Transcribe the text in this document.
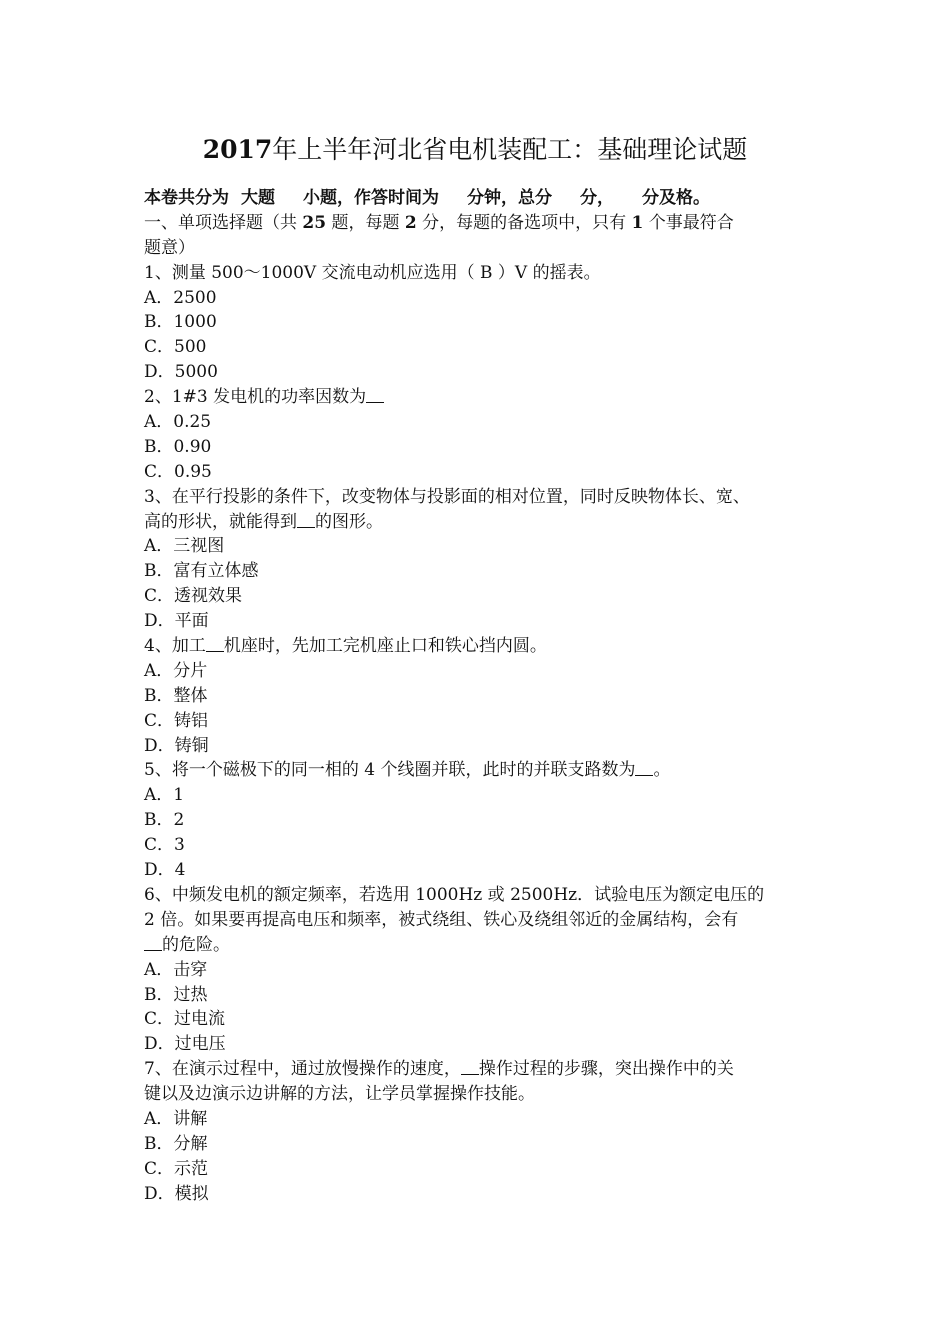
2017年上半年河北省电机装配工：基础理论试题

本卷共分为 大题 小题，作答时间为 分钟，总分 分， 分及格。

一、单项选择题（共 25 题，每题 2 分，每题的备选项中，只有 1 个事最符合

题意）

1、测量 500～1000V 交流电动机应选用（ B ）V 的摇表。

A．2500

B．1000

C．500

D．5000

2、1#3 发电机的功率因数为

A．0.25

B．0.90

C．0.95

3、在平行投影的条件下，改变物体与投影面的相对位置，同时反映物体长、宽、

高的形状，就能得到 的图形。

A．三视图

B．富有立体感

C．透视效果

D．平面

4、加工 机座时，先加工完机座止口和铁心挡内圆。

A．分片

B．整体

C．铸铝

D．铸铜

5、将一个磁极下的同一相的 4 个线圈并联，此时的并联支路数为 。

A．1

B．2

C．3

D．4

6、中频发电机的额定频率，若选用 1000Hz 或 2500Hz．试验电压为额定电压的

2 倍。如果要再提高电压和频率，被式绕组、铁心及绕组邻近的金属结构，会有

的危险。

A．击穿

B．过热

C．过电流

D．过电压

7、在演示过程中，通过放慢操作的速度， 操作过程的步骤，突出操作中的关

键以及边演示边讲解的方法，让学员掌握操作技能。

A．讲解

B．分解

C．示范

D．模拟
